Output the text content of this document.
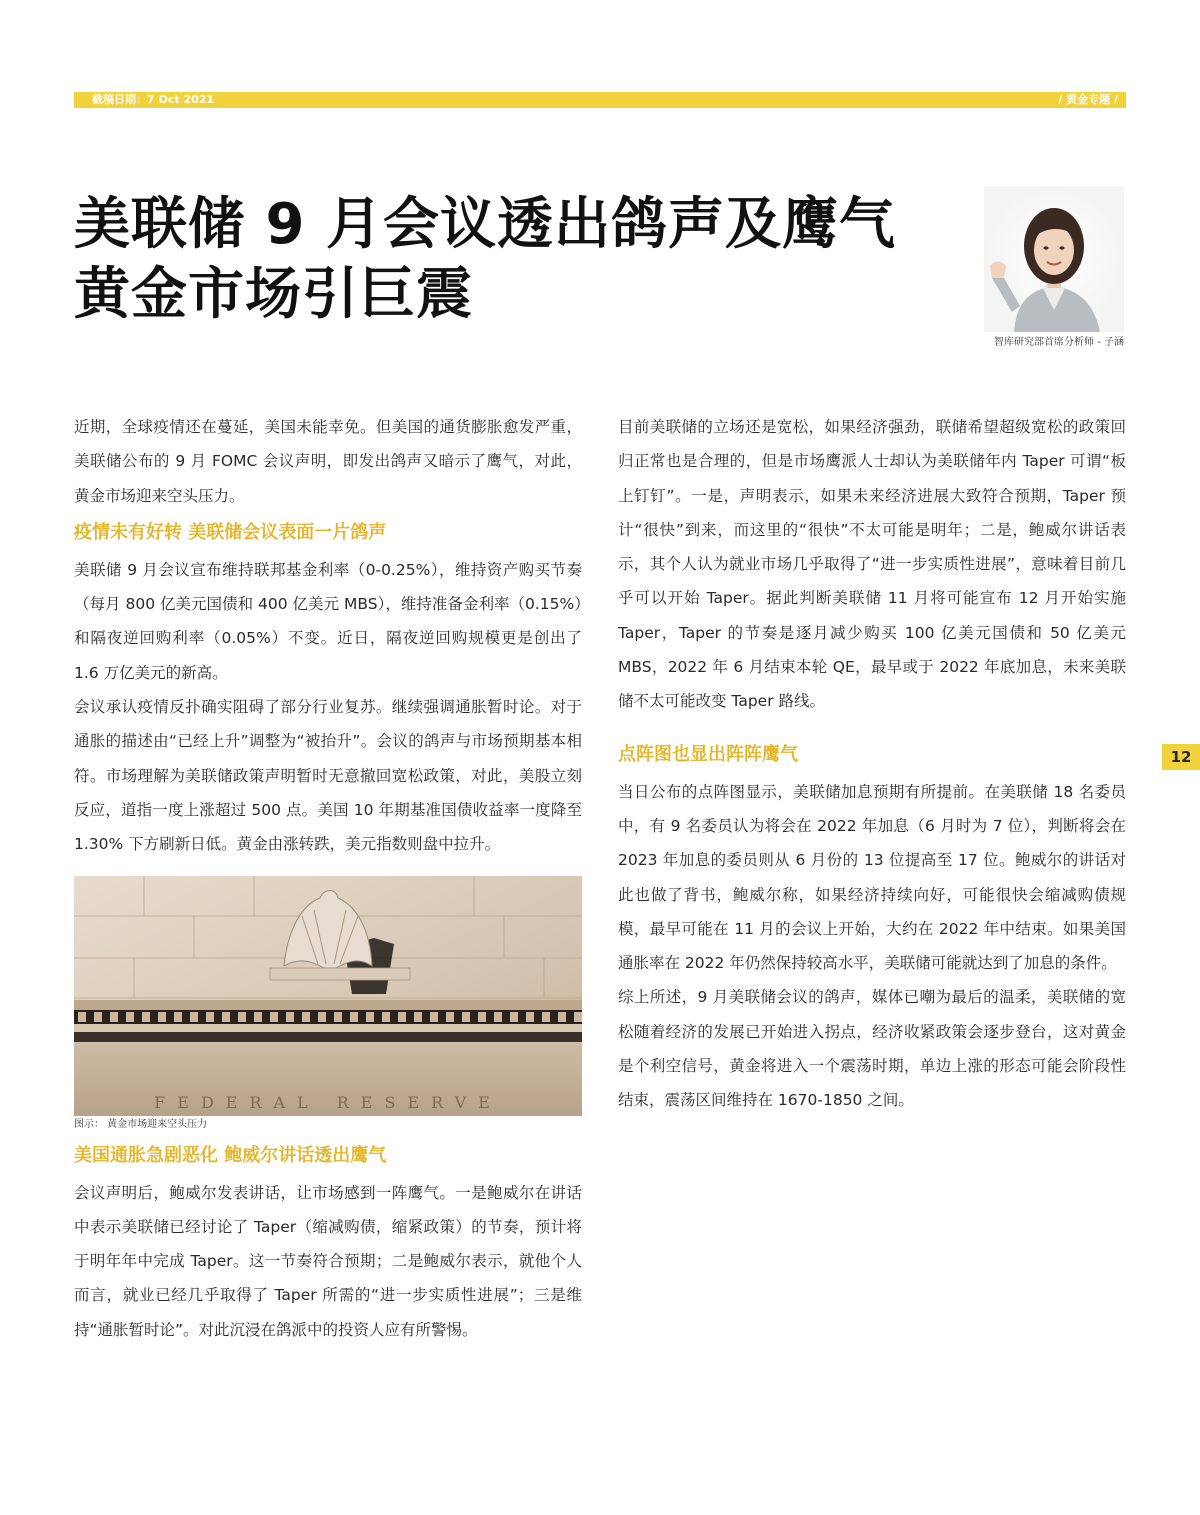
截稿日期：7 Oct 2021	/ 黄金专题 /
美联储 9 月会议透出鸽声及鹰气
黄金市场引巨震
智库研究部首席分析师 - 子涵

近期，全球疫情还在蔓延，美国未能幸免。但美国的通货膨胀愈发严重，美联储公布的 9 月 FOMC 会议声明，即发出鸽声又暗示了鹰气，对此，黄金市场迎来空头压力。

疫情未有好转 美联储会议表面一片鸽声

美联储 9 月会议宣布维持联邦基金利率（0-0.25%），维持资产购买节奏（每月 800 亿美元国债和 400 亿美元 MBS），维持准备金利率（0.15%）和隔夜逆回购利率（0.05%）不变。近日，隔夜逆回购规模更是创出了 1.6 万亿美元的新高。

会议承认疫情反扑确实阻碍了部分行业复苏。继续强调通胀暂时论。对于通胀的描述由“已经上升”调整为“被抬升”。会议的鸽声与市场预期基本相符。市场理解为美联储政策声明暂时无意撤回宽松政策，对此，美股立刻反应，道指一度上涨超过 500 点。美国 10 年期基准国债收益率一度降至 1.30% 下方刷新日低。黄金由涨转跌，美元指数则盘中拉升。

FEDERAL RESERVE
图示： 黄金市场迎来空头压力
美国通胀急剧恶化 鲍威尔讲话透出鹰气

会议声明后，鲍威尔发表讲话，让市场感到一阵鹰气。一是鲍威尔在讲话中表示美联储已经讨论了 Taper（缩减购债，缩紧政策）的节奏，预计将于明年年中完成 Taper。这一节奏符合预期；二是鲍威尔表示，就他个人而言，就业已经几乎取得了 Taper 所需的“进一步实质性进展”；三是维持“通胀暂时论”。对此沉浸在鸽派中的投资人应有所警惕。

目前美联储的立场还是宽松，如果经济强劲，联储希望超级宽松的政策回归正常也是合理的，但是市场鹰派人士却认为美联储年内 Taper 可谓“板上钉钉”。一是，声明表示，如果未来经济进展大致符合预期，Taper 预计“很快”到来，而这里的“很快”不太可能是明年；二是，鲍威尔讲话表示，其个人认为就业市场几乎取得了“进一步实质性进展”，意味着目前几乎可以开始 Taper。据此判断美联储 11 月将可能宣布 12 月开始实施 Taper，Taper 的节奏是逐月减少购买 100 亿美元国债和 50 亿美元 MBS，2022 年 6 月结束本轮 QE，最早或于 2022 年底加息，未来美联储不太可能改变 Taper 路线。

点阵图也显出阵阵鹰气

当日公布的点阵图显示，美联储加息预期有所提前。在美联储 18 名委员中，有 9 名委员认为将会在 2022 年加息（6 月时为 7 位），判断将会在 2023 年加息的委员则从 6 月份的 13 位提高至 17 位。鲍威尔的讲话对此也做了背书，鲍威尔称，如果经济持续向好，可能很快会缩减购债规模，最早可能在 11 月的会议上开始，大约在 2022 年中结束。如果美国通胀率在 2022 年仍然保持较高水平，美联储可能就达到了加息的条件。

综上所述，9 月美联储会议的鸽声，媒体已嘲为最后的温柔，美联储的宽松随着经济的发展已开始进入拐点，经济收紧政策会逐步登台，这对黄金是个利空信号，黄金将进入一个震荡时期，单边上涨的形态可能会阶段性结束，震荡区间维持在 1670-1850 之间。

12
